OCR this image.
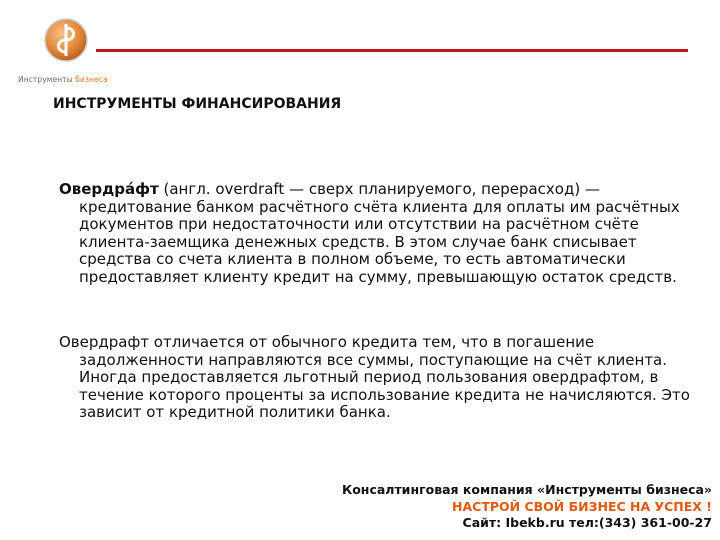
Инструменты бизнеса
ИНСТРУМЕНТЫ ФИНАНСИРОВАНИЯ

Овердра́фт (англ. overdraft — сверх планируемого, перерасход) — кредитование банком расчётного счёта клиента для оплаты им расчётных документов при недостаточности или отсутствии на расчётном счёте клиента-заемщика денежных средств. В этом случае банк списывает средства со счета клиента в полном объеме, то есть автоматически предоставляет клиенту кредит на сумму, превышающую остаток средств.

Овердрафт отличается от обычного кредита тем, что в погашение задолженности направляются все суммы, поступающие на счёт клиента. Иногда предоставляется льготный период пользования овердрафтом, в течение которого проценты за использование кредита не начисляются. Это зависит от кредитной политики банка.

Консалтинговая компания «Инструменты бизнеса»
НАСТРОЙ СВОЙ БИЗНЕС НА УСПЕХ !
Сайт: Ibekb.ru тел:(343) 361-00-27
